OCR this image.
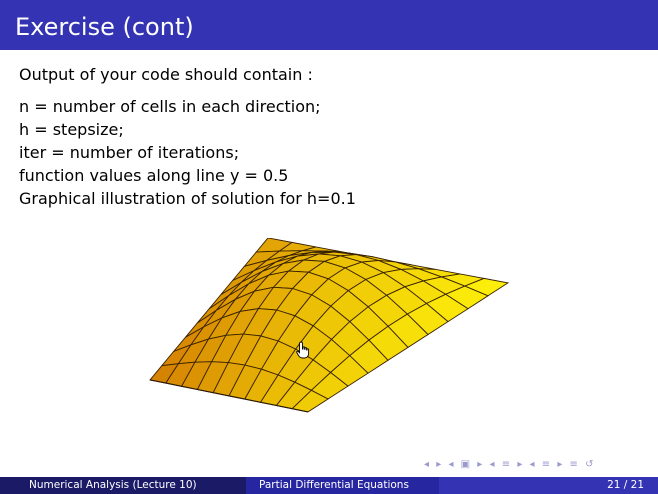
Exercise (cont)

Output of your code should contain :

n = number of cells in each direction;

h = stepsize;

iter = number of iterations;

function values along line y = 0.5

Graphical illustration of solution for h=0.1

◂ ▸ ◂ ▣ ▸ ◂ ≡ ▸ ◂ ≡ ▸ ≡ ↺
Numerical Analysis (Lecture 10)	Partial Differential Equations	21 / 21
